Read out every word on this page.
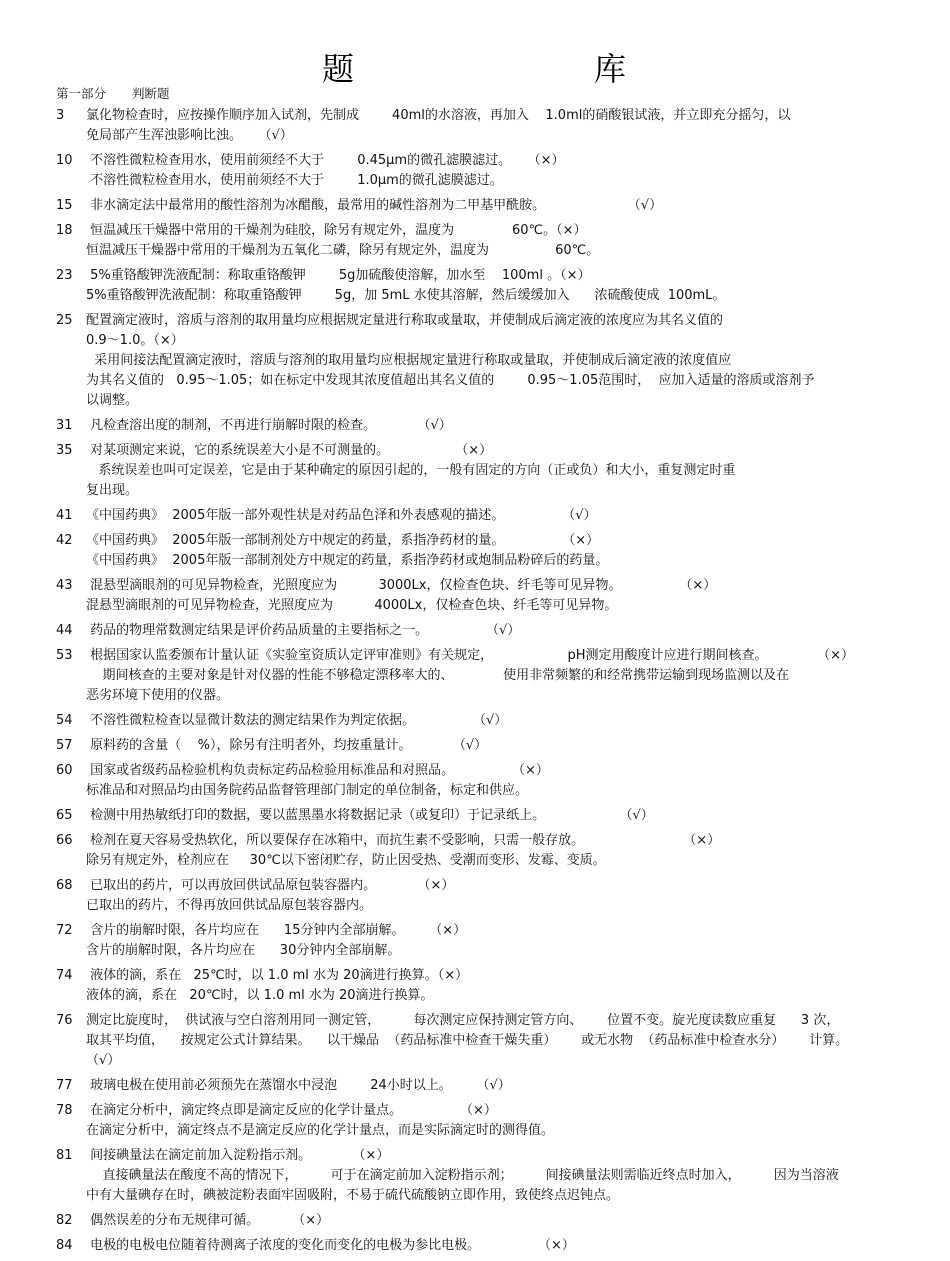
题	库
第一部分 判断题
3	氯化物检查时，应按操作顺序加入试剂，先制成        40ml的水溶液，再加入    1.0ml的硝酸银试液，并立即充分摇匀，以
免局部产生浑浊影响比浊。    （√）
10	不溶性微粒检查用水，使用前须经不大于        0.45μm的微孔滤膜滤过。    （×）
不溶性微粒检查用水，使用前须经不大于        1.0μm的微孔滤膜滤过。
15	非水滴定法中最常用的酸性溶剂为冰醋酸，最常用的碱性溶剂为二甲基甲酰胺。                    （√）
18	恒温减压干燥器中常用的干燥剂为硅胶，除另有规定外，温度为              60℃。（×）
恒温减压干燥器中常用的干燥剂为五氧化二磷，除另有规定外，温度为                60℃。
23	5%重铬酸钾洗液配制：称取重铬酸钾        5g加硫酸使溶解，加水至    100ml 。（×）
5%重铬酸钾洗液配制：称取重铬酸钾        5g，加 5mL 水使其溶解，然后缓缓加入      浓硫酸使成  100mL。
25	配置滴定液时，溶质与溶剂的取用量均应根据规定量进行称取或量取，并使制成后滴定液的浓度应为其名义值的
0.9～1.0。（×）
采用间接法配置滴定液时，溶质与溶剂的取用量均应根据规定量进行称取或量取，并使制成后滴定液的浓度值应
为其名义值的   0.95～1.05；如在标定中发现其浓度值超出其名义值的        0.95～1.05范围时，  应加入适量的溶质或溶剂予
以调整。
31	凡检查溶出度的制剂，不再进行崩解时限的检查。          （√）
35	对某项测定来说，它的系统误差大小是不可测量的。                （×）
系统误差也叫可定误差，它是由于某种确定的原因引起的，一般有固定的方向（正或负）和大小，重复测定时重
复出现。
41	《中国药典》  2005年版一部外观性状是对药品色泽和外表感观的描述。              （√）
42	《中国药典》  2005年版一部制剂处方中规定的药量，系指净药材的量。              （×）
《中国药典》  2005年版一部制剂处方中规定的药量，系指净药材或炮制品粉碎后的药量。
43	混悬型滴眼剂的可见异物检查，光照度应为          3000Lx，仅检查色块、纤毛等可见异物。              （×）
混悬型滴眼剂的可见异物检查，光照度应为          4000Lx，仅检查色块、纤毛等可见异物。
44	药品的物理常数测定结果是评价药品质量的主要指标之一。              （√）
53	根据国家认监委颁布计量认证《实验室资质认定评审准则》有关规定，                  pH测定用酸度计应进行期间核查。            （×）
期间核查的主要对象是针对仪器的性能不够稳定漂移率大的、            使用非常频繁的和经常携带运输到现场监测以及在
恶劣环境下使用的仪器。
54	不溶性微粒检查以显微计数法的测定结果作为判定依据。              （√）
57	原料药的含量（    %），除另有注明者外，均按重量计。          （√）
60	国家或省级药品检验机构负责标定药品检验用标准品和对照品。              （×）
标准品和对照品均由国务院药品监督管理部门制定的单位制备，标定和供应。
65	检测中用热敏纸打印的数据，要以蓝黑墨水将数据记录（或复印）于记录纸上。                  （√）
66	检剂在夏天容易受热软化，所以要保存在冰箱中，而抗生素不受影响，只需一般存放。                        （×）
除另有规定外，栓剂应在     30℃以下密闭贮存，防止因受热、受潮而变形、发霉、变质。
68	已取出的药片，可以再放回供试品原包装容器内。          （×）
已取出的药片，不得再放回供试品原包装容器内。
72	含片的崩解时限，各片均应在      15分钟内全部崩解。      （×）
含片的崩解时限，各片均应在      30分钟内全部崩解。
74	液体的滴，系在   25℃时，以 1.0 ml 水为 20滴进行换算。（×）
液体的滴，系在   20℃时，以 1.0 ml 水为 20滴进行换算。
76	测定比旋度时，  供试液与空白溶剂用同一测定管，        每次测定应保持测定管方向、      位置不变。旋光度读数应重复      3 次，
取其平均值，    按规定公式计算结果。    以干燥品  （药品标准中检查干燥失重）      或无水物  （药品标准中检查水分）      计算。
（√）
77	玻璃电极在使用前必须预先在蒸馏水中浸泡        24小时以上。      （√）
78	在滴定分析中，滴定终点即是滴定反应的化学计量点。              （×）
在滴定分析中，滴定终点不是滴定反应的化学计量点，而是实际滴定时的测得值。
81	间接碘量法在滴定前加入淀粉指示剂。          （×）
直接碘量法在酸度不高的情况下，        可于在滴定前加入淀粉指示剂；        间接碘量法则需临近终点时加入，        因为当溶液
中有大量碘存在时，碘被淀粉表面牢固吸附，不易于硫代硫酸钠立即作用，致使终点迟钝点。
82	偶然误差的分布无规律可循。        （×）
84	电极的电极电位随着待测离子浓度的变化而变化的电极为参比电极。              （×）
